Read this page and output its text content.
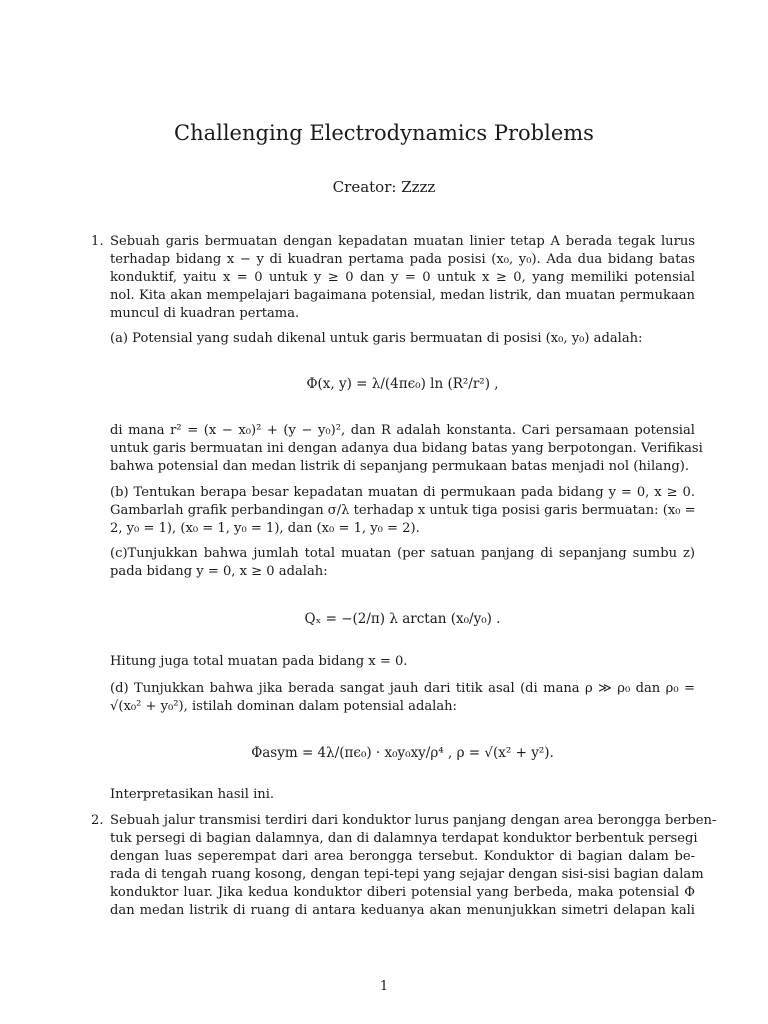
Challenging Electrodynamics Problems
Creator: Zzzz
1. Sebuah garis bermuatan dengan kepadatan muatan linier tetap A berada tegak lurus
terhadap bidang x − y di kuadran pertama pada posisi (x₀, y₀). Ada dua bidang batas
konduktif, yaitu x = 0 untuk y ≥ 0 dan y = 0 untuk x ≥ 0, yang memiliki potensial
nol. Kita akan mempelajari bagaimana potensial, medan listrik, dan muatan permukaan
muncul di kuadran pertama.
(a) Potensial yang sudah dikenal untuk garis bermuatan di posisi (x₀, y₀) adalah:
Φ(x, y) = λ/(4πϵ₀) ln (R²/r²) ,
di mana r² = (x − x₀)² + (y − y₀)², dan R adalah konstanta. Cari persamaan potensial
untuk garis bermuatan ini dengan adanya dua bidang batas yang berpotongan. Verifikasi
bahwa potensial dan medan listrik di sepanjang permukaan batas menjadi nol (hilang).
(b) Tentukan berapa besar kepadatan muatan di permukaan pada bidang y = 0, x ≥ 0.
Gambarlah grafik perbandingan σ/λ terhadap x untuk tiga posisi garis bermuatan: (x₀ =
2, y₀ = 1), (x₀ = 1, y₀ = 1), dan (x₀ = 1, y₀ = 2).
(c)Tunjukkan bahwa jumlah total muatan (per satuan panjang di sepanjang sumbu z)
pada bidang y = 0, x ≥ 0 adalah:
Qₓ = −(2/π) λ arctan (x₀/y₀) .
Hitung juga total muatan pada bidang x = 0.
(d) Tunjukkan bahwa jika berada sangat jauh dari titik asal (di mana ρ ≫ ρ₀ dan ρ₀ =
√(x₀² + y₀²), istilah dominan dalam potensial adalah:
Φasym = 4λ/(πϵ₀) · x₀y₀xy/ρ⁴ , ρ = √(x² + y²).
Interpretasikan hasil ini.
2. Sebuah jalur transmisi terdiri dari konduktor lurus panjang dengan area berongga berben-
tuk persegi di bagian dalamnya, dan di dalamnya terdapat konduktor berbentuk persegi
dengan luas seperempat dari area berongga tersebut. Konduktor di bagian dalam be-
rada di tengah ruang kosong, dengan tepi-tepi yang sejajar dengan sisi-sisi bagian dalam
konduktor luar. Jika kedua konduktor diberi potensial yang berbeda, maka potensial Φ
dan medan listrik di ruang di antara keduanya akan menunjukkan simetri delapan kali
1
